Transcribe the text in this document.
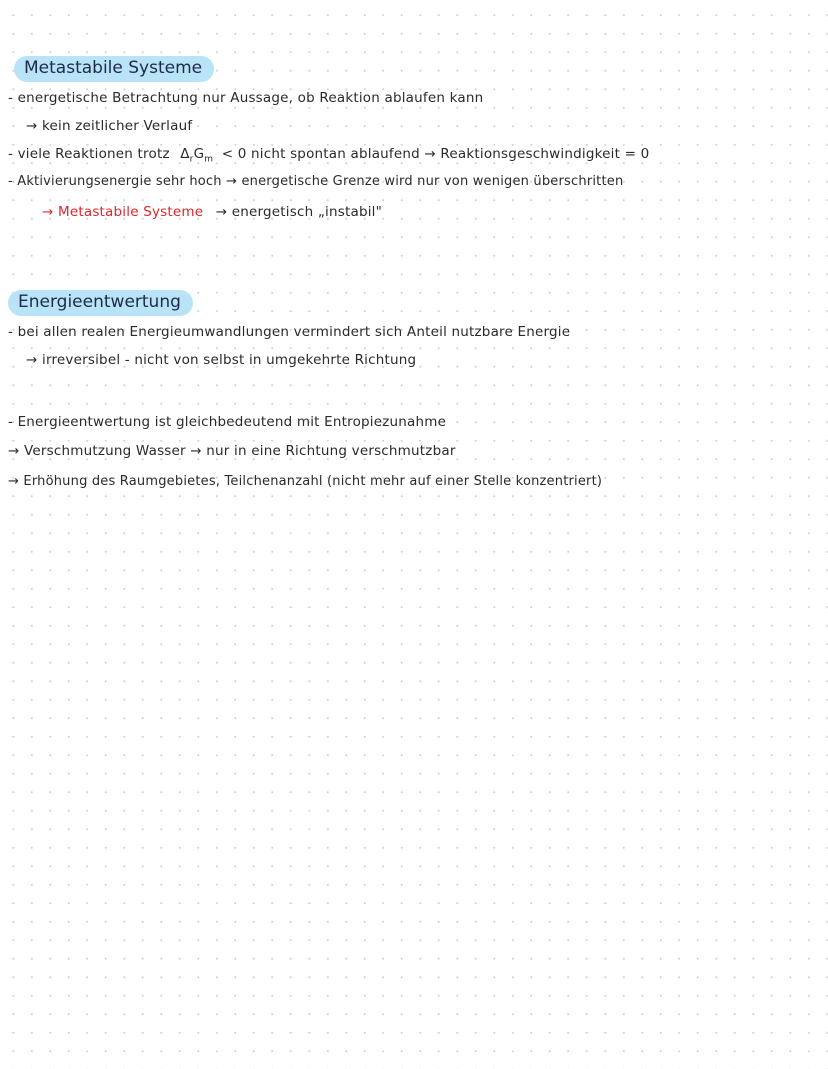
Metastabile Systeme
- energetische Betrachtung nur Aussage, ob Reaktion ablaufen kann
→ kein zeitlicher Verlauf
- viele Reaktionen trotz $\Delta_rG_m < 0$ nicht spontan ablaufend → Reaktionsgeschwindigkeit = 0
- Aktivierungsenergie sehr hoch → energetische Grenze wird nur von wenigen überschritten
→ Metastabile Systeme → energetisch „instabil"
Energieentwertung
- bei allen realen Energieumwandlungen vermindert sich Anteil nutzbare Energie
→ irreversibel - nicht von selbst in umgekehrte Richtung
- Energieentwertung ist gleichbedeutend mit Entropiezunahme
→ Verschmutzung Wasser → nur in eine Richtung verschmutzbar
→ Erhöhung des Raumgebietes, Teilchenanzahl (nicht mehr auf einer Stelle konzentriert)
